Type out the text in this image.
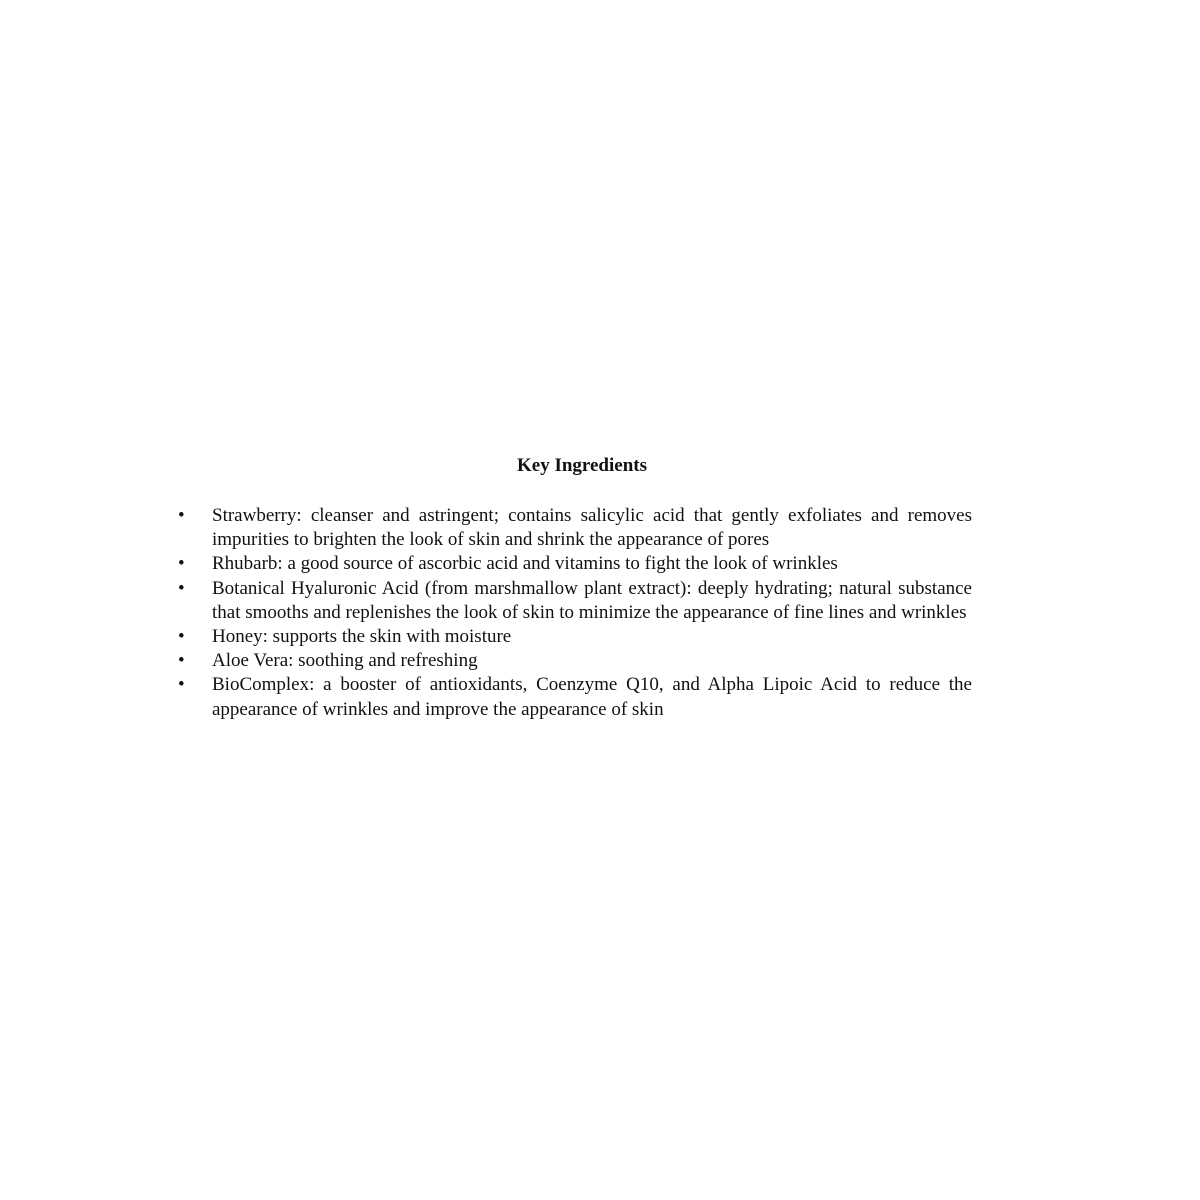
Key Ingredients
•	Strawberry: cleanser and astringent; contains salicylic acid that gently exfoliates and removes impurities to brighten the look of skin and shrink the appearance of pores
•	Rhubarb: a good source of ascorbic acid and vitamins to fight the look of wrinkles
•	Botanical Hyaluronic Acid (from marshmallow plant extract): deeply hydrating; natural substance that smooths and replenishes the look of skin to minimize the appearance of fine lines and wrinkles
•	Honey: supports the skin with moisture
•	Aloe Vera: soothing and refreshing
•	BioComplex: a booster of antioxidants, Coenzyme Q10, and Alpha Lipoic Acid to reduce the appearance of wrinkles and improve the appearance of skin
